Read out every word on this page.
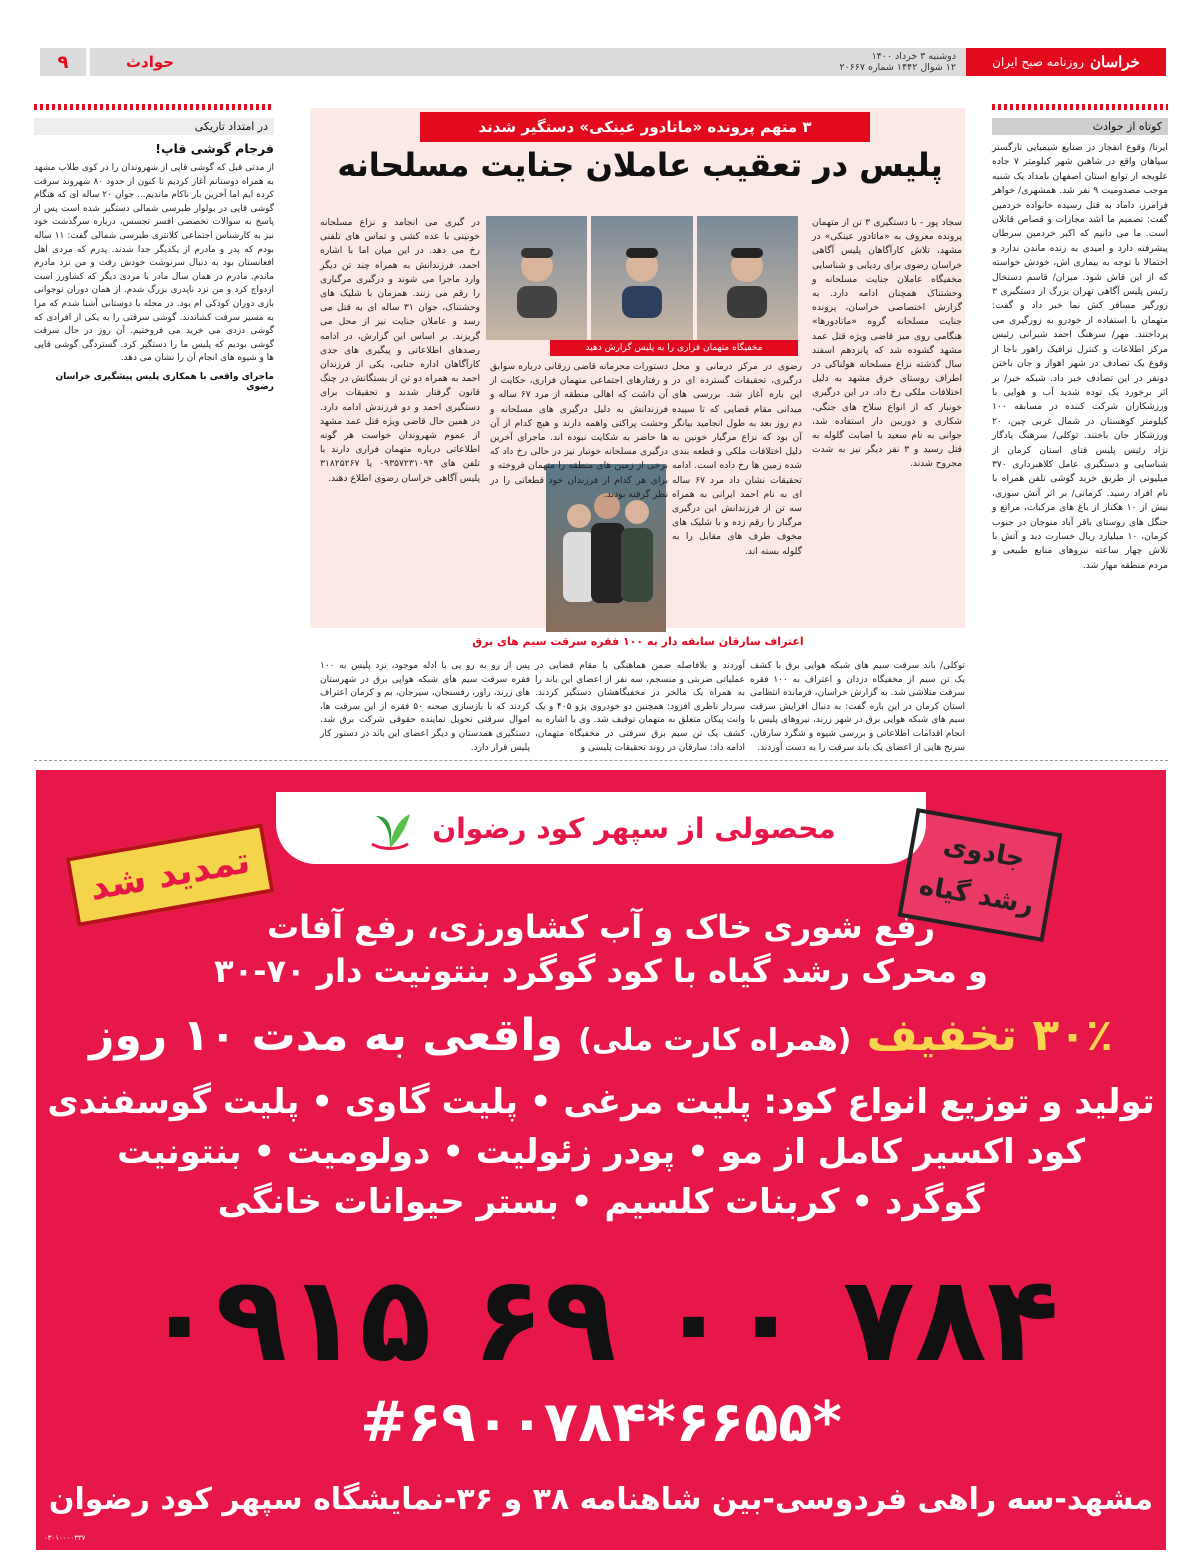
خراسان
روزنامه صبح ایران
دوشنبه ۳ خرداد ۱۴۰۰
۱۲ شوال ۱۴۴۲ شماره ۲۰۶۶۷
حوادث
۹
کوتاه از حوادث
ایرنا/ وقوع انفجار در صنایع شیمیایی تارگستر سپاهان واقع در شاهین شهر کیلومتر ۷ جاده علویجه از توابع استان اصفهان بامداد یک شنبه موجب مصدومیت ۹ نفر شد. همشهری/ خواهر فرامرز، داماد به قتل رسیده خانواده خردمین گفت: تصمیم ما اشد مجازات و قصاص قاتلان است. ما می دانیم که اکبر خردمین سرطان پیشرفته دارد و امیدی به زنده ماندن ندارد و احتمالا با توجه به بیماری اش، خودش خواسته که از این قاش شود. میزان/ قاسم دستخال رئیس پلیس آگاهی تهران بزرگ از دستگیری ۳ زورگیر مسافر کش نما خبر داد و گفت: متهمان با استفاده از خودرو به زورگیری می پرداختند. مهر/ سرهنگ احمد شیرانی رئیس مرکز اطلاعات و کنترل ترافیک راهور ناجا از وقوع یک تصادف در شهر اهواز و جان باختن دونفر در این تصادف خبر داد. شبکه خبر/ بر اثر برخورد یک توده شدید آب و هوایی با ورزشکاران شرکت کننده در مسابقه ۱۰۰ کیلومتر کوهستان در شمال غربی چین، ۲۰ ورزشکار جان باختند. توکلی/ سرهنگ یادگار نژاد رئیس پلیس فتای استان کرمان از شناسایی و دستگیری عامل کلاهبرداری ۳۷۰ میلیونی از طریق خرید گوشی تلفن همراه با نام افراد رسید. کرمانی/ بر اثر آتش سوزی، بیش از ۱۰ هکتار از باغ های مرکبات، مراتع و جنگل های روستای باقر آباد منوجان در جنوب کرمان، ۱۰ میلیارد ریال خسارت دید و آتش با تلاش چهار ساعته نیروهای منابع طبیعی و مردم منطقه مهار شد.
در امتداد تاریکی
فرجام گوشی قاپ!
از مدتی قبل که گوشی قاپی از شهروندان را در کوی طلاب مشهد به همراه دوستانم آغاز کردیم تا کنون از حدود ۸۰ شهروند سرقت کرده ایم اما آخرین بار ناکام ماندیم... جوان ۲۰ ساله ای که هنگام گوشی قاپی در بولوار طبرسی شمالی دستگیر شده است پس از پاسخ به سوالات تخصصی افسر تجسس، درباره سرگذشت خود نیز به کارشناس اجتماعی کلانتری طبرسی شمالی گفت: ۱۱ ساله بودم که پدر و مادرم از یکدیگر جدا شدند. پدرم که مردی اهل افغانستان بود به دنبال سرنوشت خودش رفت و من نزد مادرم ماندم. مادرم در همان سال مادر با مردی دیگر که کشاورز است ازدواج کرد و من نزد ناپدری بزرگ شدم. از همان دوران نوجوانی بازی دوران کودکی ام بود. در محله با دوستانی آشنا شدم که مرا به مسیر سرقت کشاندند. گوشی سرقتی را به یکی از افرادی که گوشی دزدی می خرید می فروختیم. آن روز در حال سرقت گوشی بودیم که پلیس ما را دستگیر کرد. گستردگی گوشی قاپی ها و شیوه های انجام آن را نشان می دهد.
ماجرای واقعی با همکاری پلیس پیشگیری خراسان رضوی
۳ متهم پرونده «ماتادور عینکی» دستگیر شدند
پلیس در تعقیب عاملان جنایت مسلحانه
مخفیگاه متهمان فراری را به پلیس گزارش دهید
سجاد پور - با دستگیری ۳ تن از متهمان پرونده معروف به «ماتادور عینکی» در مشهد، تلاش کارآگاهان پلیس آگاهی خراسان رضوی برای ردیابی و شناسایی مخفیگاه عاملان جنایت مسلحانه و وحشتناک همچنان ادامه دارد. به گزارش اختصاصی خراسان، پرونده جنایت مسلحانه گروه «ماتادورها» هنگامی روی میز قاضی ویژه قتل عمد مشهد گشوده شد که پانزدهم اسفند سال گذشته نزاع مسلحانه هولناکی در اطراف روستای خرق مشهد به دلیل اختلافات ملکی رخ داد. در این درگیری خونبار که از انواع سلاح های جنگی، شکاری و دوربین دار استفاده شد، جوانی به نام سعید با اصابت گلوله به قتل رسید و ۳ نفر دیگر نیز به شدت مجروح شدند.
رضوی در مرکز درمانی و محل درگیری، تحقیقات گسترده ای در این باره آغاز شد. بررسی های میدانی مقام قضایی که تا سپیده دم روز بعد به طول انجامید بیانگر آن بود که نزاع مرگبار خونین به دلیل اختلافات ملکی و قطعه بندی شده زمین ها رخ داده است. ادامه تحقیقات نشان داد مرد ۶۷ ساله ای به نام احمد ایرانی به همراه سه تن از فرزندانش این درگیری مرگبار را رقم زده و با شلیک های مخوف طرف های مقابل را به گلوله بسته اند.
دستورات محرمانه قاضی زرقانی درباره سوابق و رفتارهای اجتماعی متهمان فراری، حکایت از آن داشت که اهالی منطقه از مرد ۶۷ ساله و فرزندانش به دلیل درگیری های مسلحانه و وحشت پراکنی واهمه دارند و هیچ کدام از آن ها حاضر به شکایت نبوده اند. ماجرای آخرین درگیری مسلحانه خونبار نیز در حالی رخ داد که برخی از زمین های منطقه را متهمان فروخته و برای هر کدام از فرزندان خود قطعاتی را در نظر گرفته بودند.
در گیری می انجامد و نزاع مسلحانه خونینی با عده کشی و تماس های تلفنی رخ می دهد. در این میان اما با اشاره احمد، فرزندانش به همراه چند تن دیگر وارد ماجرا می شوند و درگیری مرگباری را رقم می زنند. همزمان با شلیک های وحشتناک، جوان ۳۱ ساله ای به قتل می رسد و عاملان جنایت نیز از محل می گریزند. بر اساس این گزارش، در ادامه رصدهای اطلاعاتی و پیگیری های جدی کارآگاهان اداره جنایی، یکی از فرزندان احمد به همراه دو تن از بستگانش در چنگ قانون گرفتار شدند و تحقیقات برای دستگیری احمد و دو فرزندش ادامه دارد. در همین حال قاضی ویژه قتل عمد مشهد از عموم شهروندان خواست هر گونه اطلاعاتی درباره متهمان فراری دارند با تلفن های ۰۹۳۵۷۲۳۱۰۹۴ یا ۳۱۸۲۵۲۶۷ پلیس آگاهی خراسان رضوی اطلاع دهند.
اعتراف سارقان سابقه دار به ۱۰۰ فقره سرقت سیم های برق
توکلی/ باند سرقت سیم های شبکه هوایی برق با کشف یک تن سیم از مخفیگاه دزدان و اعتراف به ۱۰۰ فقره سرقت متلاشی شد. به گزارش خراسان، فرمانده انتظامی استان کرمان در این باره گفت: به دنبال افزایش سرقت سیم های شبکه هوایی برق در شهر زرند، نیروهای پلیس با انجام اقدامات اطلاعاتی و بررسی شیوه و شگرد سارقان، سرنخ هایی از اعضای یک باند سرقت را به دست آوردند.
آوردند و بلافاصله ضمن هماهنگی با مقام قضایی در عملیاتی ضربتی و منسجم، سه نفر از اعضای این باند را به همراه یک مالخر در مخفیگاهشان دستگیر کردند. سردار ناظری افزود: همچنین دو خودروی پژو ۴۰۵ و یک وانت پیکان متعلق به متهمان توقیف شد. وی با اشاره به کشف یک تن سیم برق سرقتی در مخفیگاه متهمان، ادامه داد: سارقان در روند تحقیقات پلیسی و
پس از رو به رو یی با ادله موجود، نزد پلیس به ۱۰۰ فقره سرقت سیم های شبکه هوایی برق در شهرستان های زرند، راور، رفسنجان، سیرجان، بم و کرمان اعتراف کردند که با بازسازی صحنه ۵۰ فقره از این سرقت ها، اموال سرقتی تحویل نماینده حقوقی شرکت برق شد. دستگیری همدستان و دیگر اعضای این باند در دستور کار پلیس قرار دارد.
محصولی از سپهر کود رضوان
جادوی رشد گیاه
تمدید شد
رفع شوری خاک و آب کشاورزی، رفع آفات
و محرک رشد گیاه با کود گوگرد بنتونیت دار ۷۰-۳۰
۳۰٪ تخفیف (همراه کارت ملی) واقعی به مدت ۱۰ روز
تولید و توزیع انواع کود: پلیت مرغی • پلیت گاوی • پلیت گوسفندی
کود اکسیر کامل از مو • پودر زئولیت • دولومیت • بنتونیت
گوگرد • کربنات کلسیم • بستر حیوانات خانگی
۰۹۱۵ ۶۹ ۰۰ ۷۸۴
#۶۹۰۰۷۸۴*۶۶۵۵*
مشهد-سه راهی فردوسی-بین شاهنامه ۳۸ و ۳۶-نمایشگاه سپهر کود رضوان
۰۳۰۱۰۰۰۰۳۳۷
